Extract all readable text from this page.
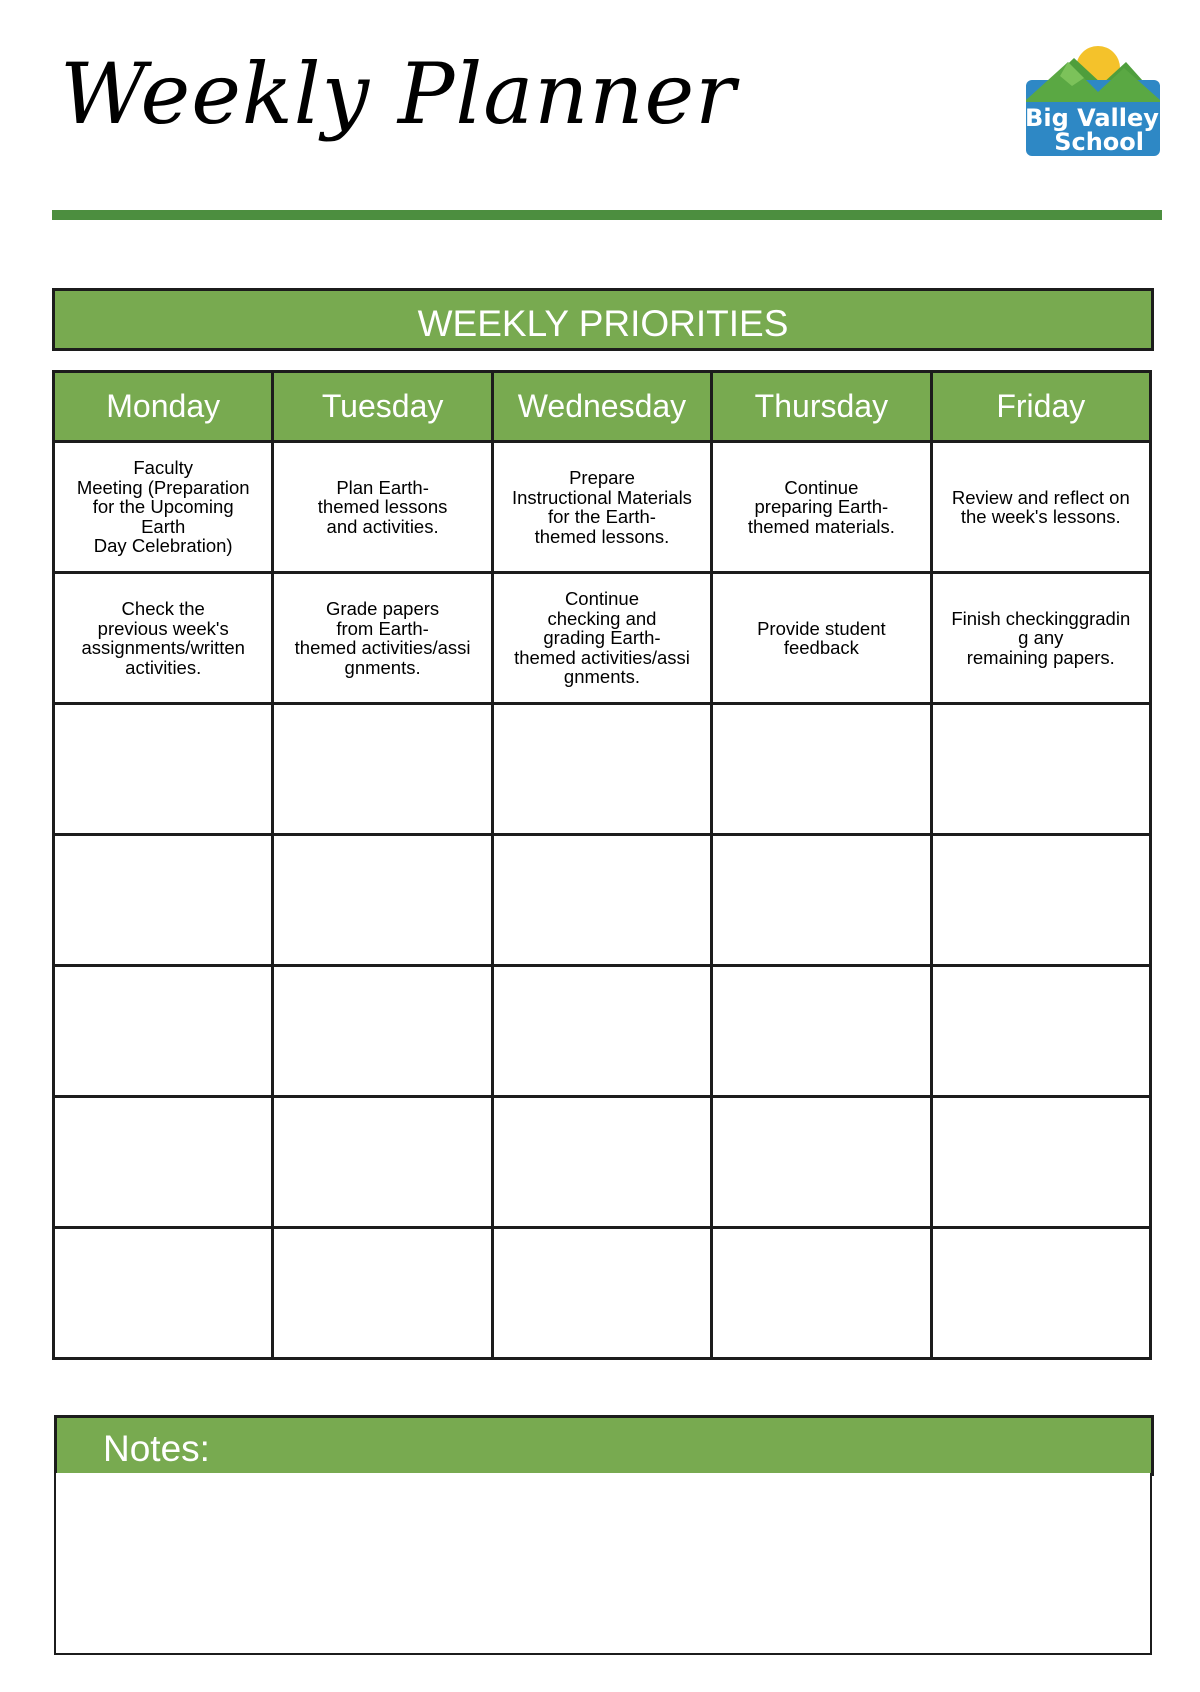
Weekly Planner	Big Valley
School
WEEKLY PRIORITIES
Monday	Tuesday	Wednesday	Thursday	Friday

Faculty
Meeting (Preparation
for the Upcoming
Earth
Day Celebration)	Plan Earth-
themed lessons
and activities.	Prepare
Instructional Materials
for the Earth-
themed lessons.	Continue
preparing Earth-
themed materials.	Review and reflect on
the week's lessons.

Check the
previous week's
assignments/written
activities.	Grade papers
from Earth-
themed activities/assi
gnments.	Continue
checking and
grading Earth-
themed activities/assi
gnments.	Provide student
feedback	Finish checkinggradin
g any
remaining papers.

Notes:
